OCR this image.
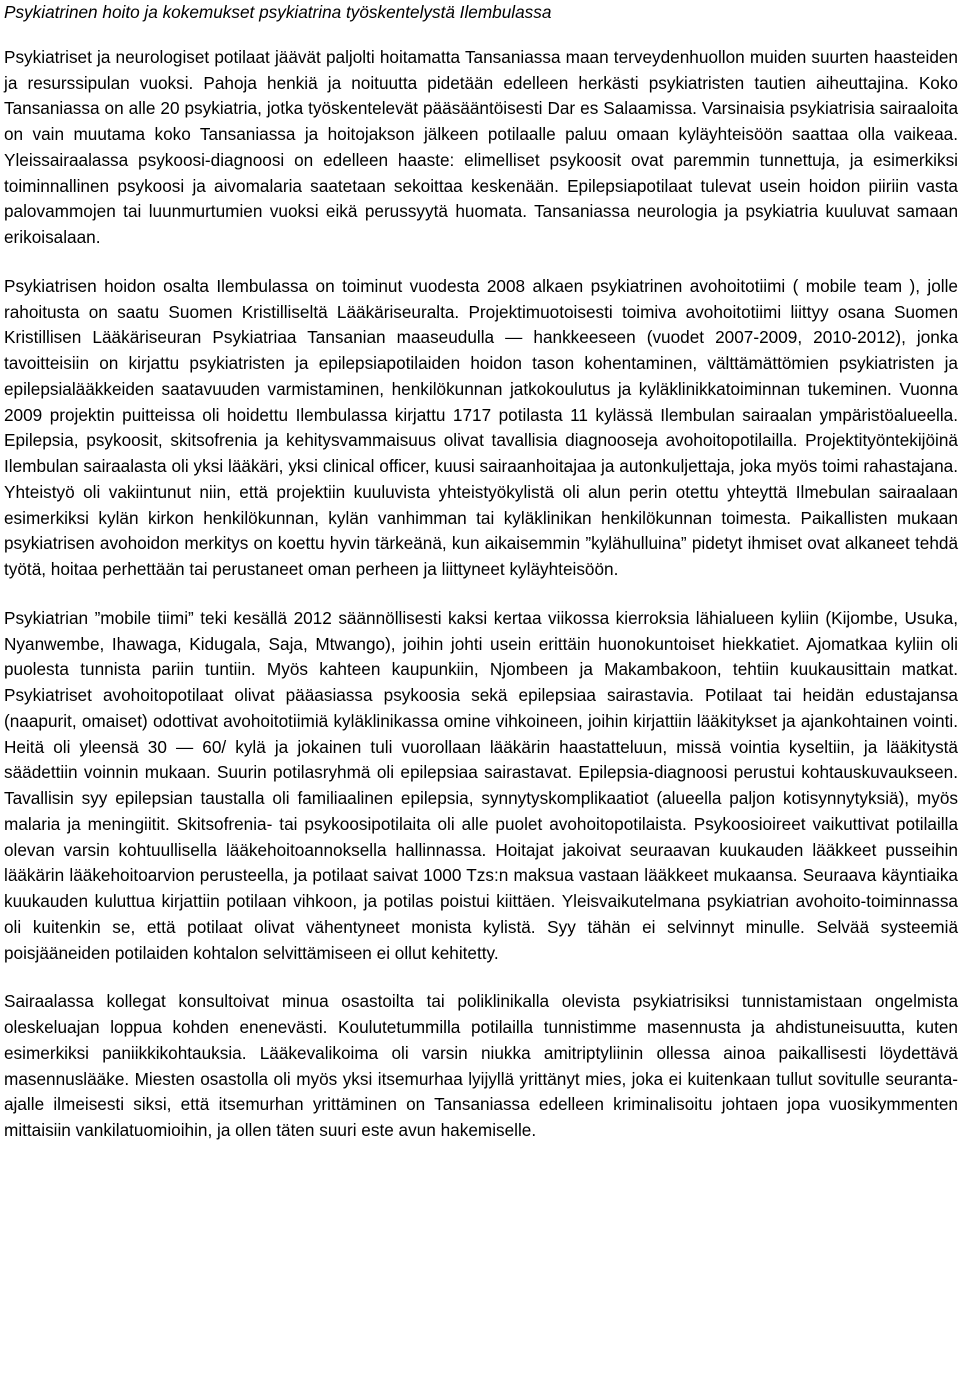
Psykiatrinen hoito ja kokemukset psykiatrina työskentelystä Ilembulassa

Psykiatriset ja neurologiset potilaat jäävät paljolti hoitamatta Tansaniassa maan terveydenhuollon muiden suurten haasteiden ja resurssipulan vuoksi. Pahoja henkiä ja noituutta pidetään edelleen herkästi psykiatristen tautien aiheuttajina. Koko Tansaniassa on alle 20 psykiatria, jotka työskentelevät pääsääntöisesti Dar es Salaamissa. Varsinaisia psykiatrisia sairaaloita on vain muutama koko Tansaniassa ja hoitojakson jälkeen potilaalle paluu omaan kyläyhteisöön saattaa olla vaikeaa. Yleissairaalassa psykoosi-diagnoosi on edelleen haaste: elimelliset psykoosit ovat paremmin tunnettuja, ja esimerkiksi toiminnallinen psykoosi ja aivomalaria saatetaan sekoittaa keskenään. Epilepsiapotilaat tulevat usein hoidon piiriin vasta palovammojen tai luunmurtumien vuoksi eikä perussyytä huomata. Tansaniassa neurologia ja psykiatria kuuluvat samaan erikoisalaan.

Psykiatrisen hoidon osalta Ilembulassa on toiminut vuodesta 2008 alkaen psykiatrinen avohoitotiimi ( mobile team ), jolle rahoitusta on saatu Suomen Kristilliseltä Lääkäriseuralta. Projektimuotoisesti toimiva avohoitotiimi liittyy osana Suomen Kristillisen Lääkäriseuran Psykiatriaa Tansanian maaseudulla — hankkeeseen (vuodet 2007-2009, 2010-2012), jonka tavoitteisiin on kirjattu psykiatristen ja epilepsiapotilaiden hoidon tason kohentaminen, välttämättömien psykiatristen ja epilepsialääkkeiden saatavuuden varmistaminen, henkilökunnan jatkokoulutus ja kyläklinikkatoiminnan tukeminen. Vuonna 2009 projektin puitteissa oli hoidettu Ilembulassa kirjattu 1717 potilasta 11 kylässä Ilembulan sairaalan ympäristöalueella. Epilepsia, psykoosit, skitsofrenia ja kehitysvammaisuus olivat tavallisia diagnooseja avohoitopotilailla. Projektityöntekijöinä Ilembulan sairaalasta oli yksi lääkäri, yksi clinical officer, kuusi sairaanhoitajaa ja autonkuljettaja, joka myös toimi rahastajana. Yhteistyö oli vakiintunut niin, että projektiin kuuluvista yhteistyökylistä oli alun perin otettu yhteyttä Ilmebulan sairaalaan esimerkiksi kylän kirkon henkilökunnan, kylän vanhimman tai kyläklinikan henkilökunnan toimesta. Paikallisten mukaan psykiatrisen avohoidon merkitys on koettu hyvin tärkeänä, kun aikaisemmin ”kylähulluina” pidetyt ihmiset ovat alkaneet tehdä työtä, hoitaa perhettään tai perustaneet oman perheen ja liittyneet kyläyhteisöön.

Psykiatrian ”mobile tiimi” teki kesällä 2012 säännöllisesti kaksi kertaa viikossa kierroksia lähialueen kyliin (Kijombe, Usuka, Nyanwembe, Ihawaga, Kidugala, Saja, Mtwango), joihin johti usein erittäin huonokuntoiset hiekkatiet. Ajomatkaa kyliin oli puolesta tunnista pariin tuntiin. Myös kahteen kaupunkiin, Njombeen ja Makambakoon, tehtiin kuukausittain matkat. Psykiatriset avohoitopotilaat olivat pääasiassa psykoosia sekä epilepsiaa sairastavia. Potilaat tai heidän edustajansa (naapurit, omaiset) odottivat avohoitotiimiä kyläklinikassa omine vihkoineen, joihin kirjattiin lääkitykset ja ajankohtainen vointi. Heitä oli yleensä 30 — 60/ kylä ja jokainen tuli vuorollaan lääkärin haastatteluun, missä vointia kyseltiin, ja lääkitystä säädettiin voinnin mukaan. Suurin potilasryhmä oli epilepsiaa sairastavat. Epilepsia-diagnoosi perustui kohtauskuvaukseen. Tavallisin syy epilepsian taustalla oli familiaalinen epilepsia, synnytyskomplikaatiot (alueella paljon kotisynnytyksiä), myös malaria ja meningiitit. Skitsofrenia- tai psykoosipotilaita oli alle puolet avohoitopotilaista. Psykoosioireet vaikuttivat potilailla olevan varsin kohtuullisella lääkehoitoannoksella hallinnassa. Hoitajat jakoivat seuraavan kuukauden lääkkeet pusseihin lääkärin lääkehoitoarvion perusteella, ja potilaat saivat 1000 Tzs:n maksua vastaan lääkkeet mukaansa. Seuraava käyntiaika kuukauden kuluttua kirjattiin potilaan vihkoon, ja potilas poistui kiittäen. Yleisvaikutelmana psykiatrian avohoito-toiminnassa oli kuitenkin se, että potilaat olivat vähentyneet monista kylistä. Syy tähän ei selvinnyt minulle. Selvää systeemiä poisjääneiden potilaiden kohtalon selvittämiseen ei ollut kehitetty.

Sairaalassa kollegat konsultoivat minua osastoilta tai poliklinikalla olevista psykiatrisiksi tunnistamistaan ongelmista oleskeluajan loppua kohden enenevästi. Koulutetummilla potilailla tunnistimme masennusta ja ahdistuneisuutta, kuten esimerkiksi paniikkikohtauksia. Lääkevalikoima oli varsin niukka amitriptyliinin ollessa ainoa paikallisesti löydettävä masennuslääke. Miesten osastolla oli myös yksi itsemurhaa lyijyllä yrittänyt mies, joka ei kuitenkaan tullut sovitulle seuranta-ajalle ilmeisesti siksi, että itsemurhan yrittäminen on Tansaniassa edelleen kriminalisoitu johtaen jopa vuosikymmenten mittaisiin vankilatuomioihin, ja ollen täten suuri este avun hakemiselle.
